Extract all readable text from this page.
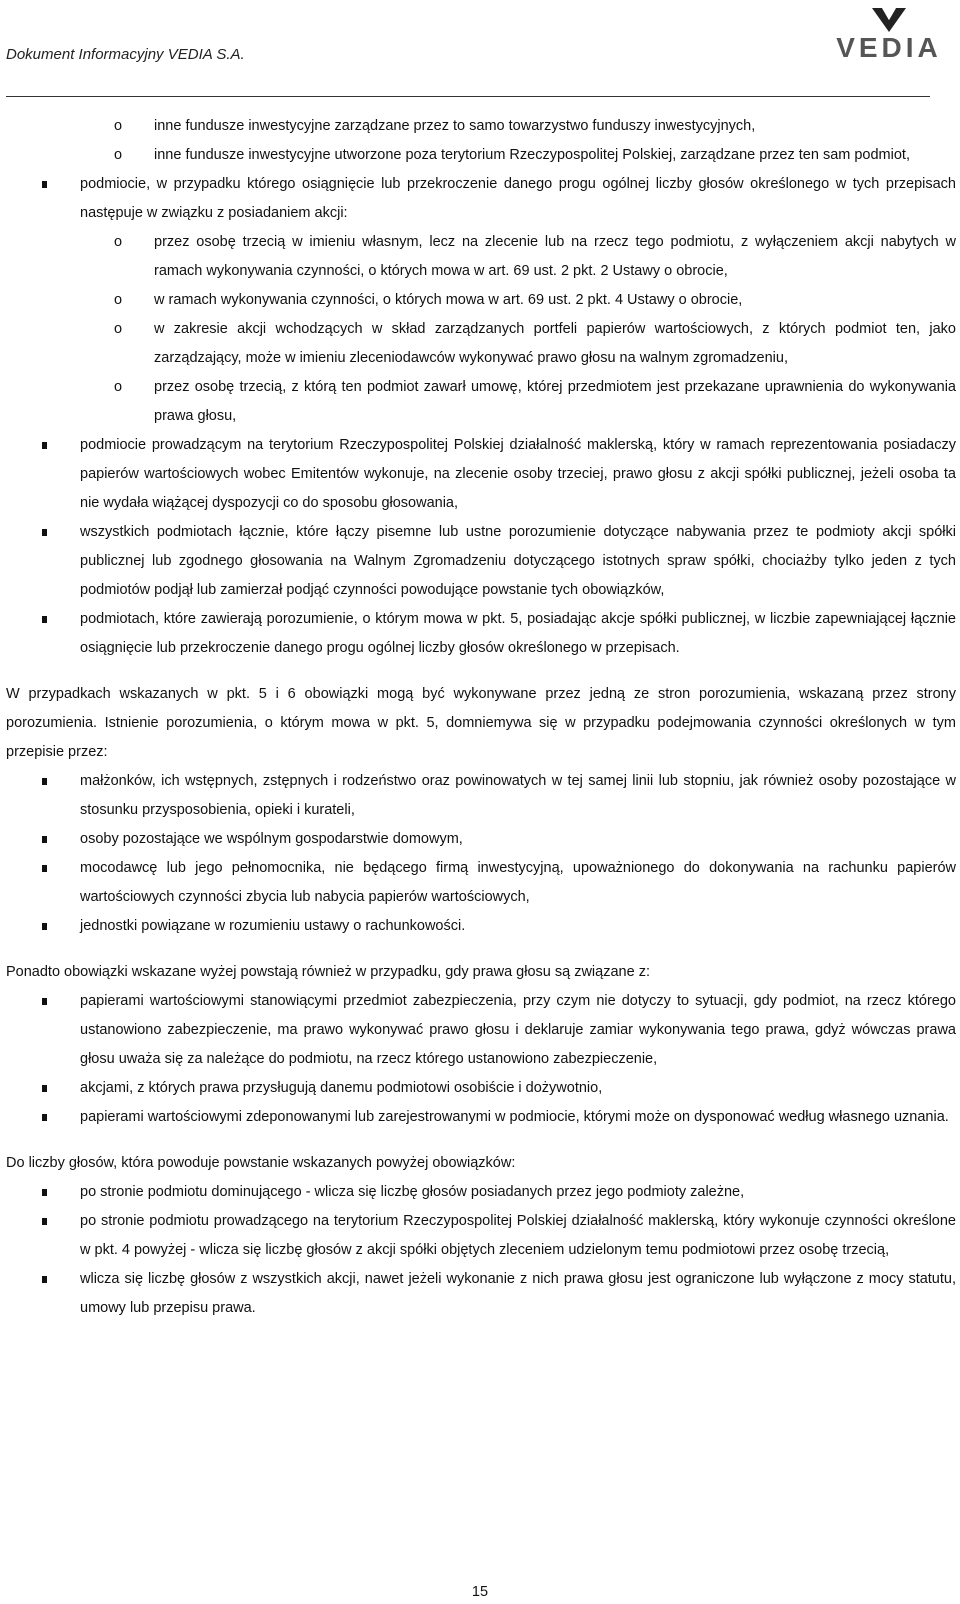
Dokument Informacyjny VEDIA S.A.	VEDIA
o inne fundusze inwestycyjne zarządzane przez to samo towarzystwo funduszy inwestycyjnych,
o inne fundusze inwestycyjne utworzone poza terytorium Rzeczypospolitej Polskiej, zarządzane przez ten sam podmiot,
podmiocie, w przypadku którego osiągnięcie lub przekroczenie danego progu ogólnej liczby głosów określonego w tych przepisach następuje w związku z posiadaniem akcji:
o przez osobę trzecią w imieniu własnym, lecz na zlecenie lub na rzecz tego podmiotu, z wyłączeniem akcji nabytych w ramach wykonywania czynności, o których mowa w art. 69 ust. 2 pkt. 2 Ustawy o obrocie,
o w ramach wykonywania czynności, o których mowa w art. 69 ust. 2 pkt. 4 Ustawy o obrocie,
o w zakresie akcji wchodzących w skład zarządzanych portfeli papierów wartościowych, z których podmiot ten, jako zarządzający, może w imieniu zleceniodawców wykonywać prawo głosu na walnym zgromadzeniu,
o przez osobę trzecią, z którą ten podmiot zawarł umowę, której przedmiotem jest przekazane uprawnienia do wykonywania prawa głosu,
podmiocie prowadzącym na terytorium Rzeczypospolitej Polskiej działalność maklerską, który w ramach reprezentowania posiadaczy papierów wartościowych wobec Emitentów wykonuje, na zlecenie osoby trzeciej, prawo głosu z akcji spółki publicznej, jeżeli osoba ta nie wydała wiążącej dyspozycji co do sposobu głosowania,
wszystkich podmiotach łącznie, które łączy pisemne lub ustne porozumienie dotyczące nabywania przez te podmioty akcji spółki publicznej lub zgodnego głosowania na Walnym Zgromadzeniu dotyczącego istotnych spraw spółki, chociażby tylko jeden z tych podmiotów podjął lub zamierzał podjąć czynności powodujące powstanie tych obowiązków,
podmiotach, które zawierają porozumienie, o którym mowa w pkt. 5, posiadając akcje spółki publicznej, w liczbie zapewniającej łącznie osiągnięcie lub przekroczenie danego progu ogólnej liczby głosów określonego w przepisach.
W przypadkach wskazanych w pkt. 5 i 6 obowiązki mogą być wykonywane przez jedną ze stron porozumienia, wskazaną przez strony porozumienia. Istnienie porozumienia, o którym mowa w pkt. 5, domniemywa się w przypadku podejmowania czynności określonych w tym przepisie przez:
małżonków, ich wstępnych, zstępnych i rodzeństwo oraz powinowatych w tej samej linii lub stopniu, jak również osoby pozostające w stosunku przysposobienia, opieki i kurateli,
osoby pozostające we wspólnym gospodarstwie domowym,
mocodawcę lub jego pełnomocnika, nie będącego firmą inwestycyjną, upoważnionego do dokonywania na rachunku papierów wartościowych czynności zbycia lub nabycia papierów wartościowych,
jednostki powiązane w rozumieniu ustawy o rachunkowości.
Ponadto obowiązki wskazane wyżej powstają również w przypadku, gdy prawa głosu są związane z:
papierami wartościowymi stanowiącymi przedmiot zabezpieczenia, przy czym nie dotyczy to sytuacji, gdy podmiot, na rzecz którego ustanowiono zabezpieczenie, ma prawo wykonywać prawo głosu i deklaruje zamiar wykonywania tego prawa, gdyż wówczas prawa głosu uważa się za należące do podmiotu, na rzecz którego ustanowiono zabezpieczenie,
akcjami, z których prawa przysługują danemu podmiotowi osobiście i dożywotnio,
papierami wartościowymi zdeponowanymi lub zarejestrowanymi w podmiocie, którymi może on dysponować według własnego uznania.
Do liczby głosów, która powoduje powstanie wskazanych powyżej obowiązków:
po stronie podmiotu dominującego - wlicza się liczbę głosów posiadanych przez jego podmioty zależne,
po stronie podmiotu prowadzącego na terytorium Rzeczypospolitej Polskiej działalność maklerską, który wykonuje czynności określone w pkt. 4 powyżej - wlicza się liczbę głosów z akcji spółki objętych zleceniem udzielonym temu podmiotowi przez osobę trzecią,
wlicza się liczbę głosów z wszystkich akcji, nawet jeżeli wykonanie z nich prawa głosu jest ograniczone lub wyłączone z mocy statutu, umowy lub przepisu prawa.
15
